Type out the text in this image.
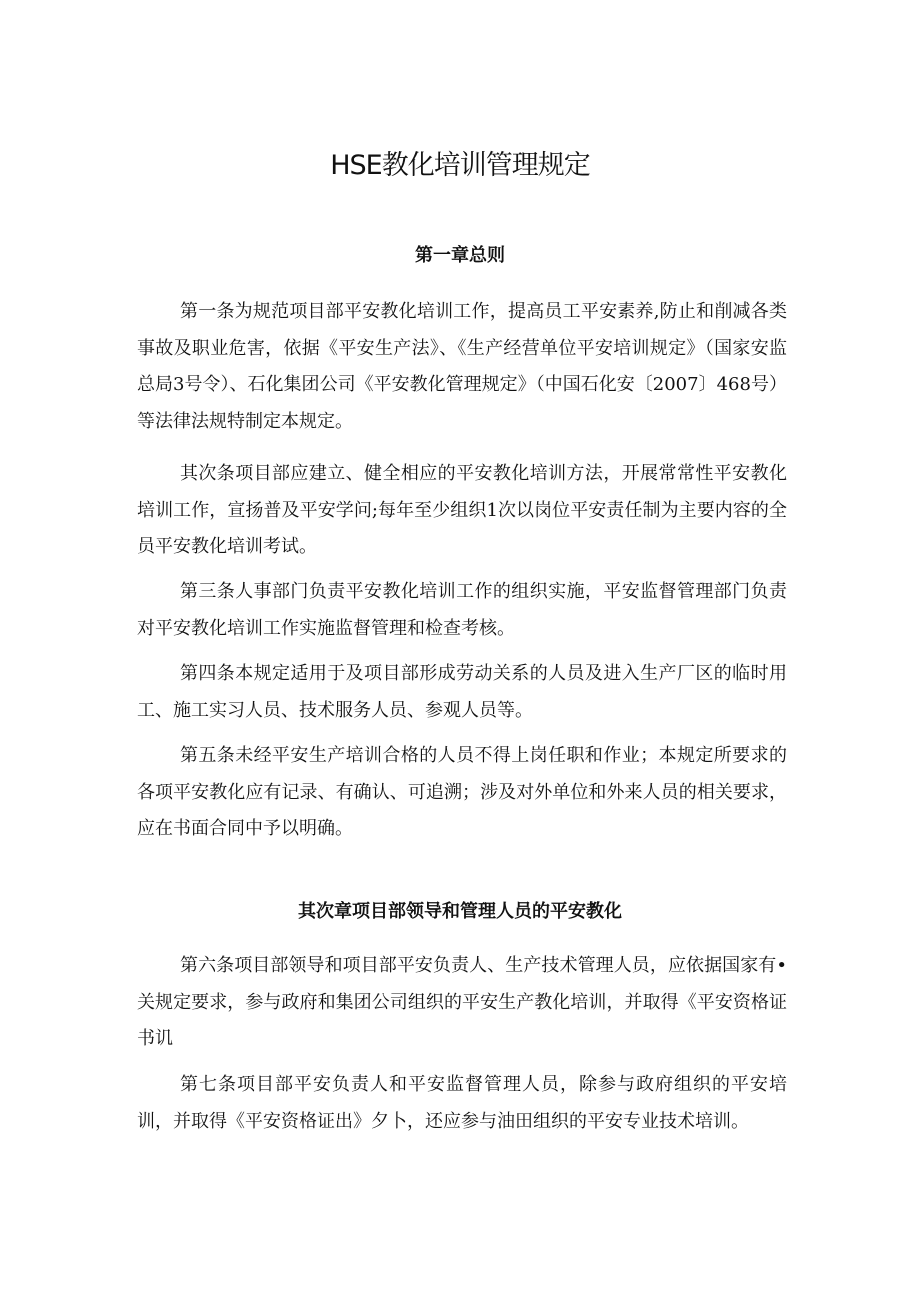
HSE教化培训管理规定
第一章总则

第一条为规范项目部平安教化培训工作，提高员工平安素养,防止和削减各类事故及职业危害，依据《平安生产法》、《生产经营单位平安培训规定》（国家安监总局3号令）、石化集团公司《平安教化管理规定》（中国石化安〔2007〕468号）等法律法规特制定本规定。

其次条项目部应建立、健全相应的平安教化培训方法，开展常常性平安教化培训工作，宣扬普及平安学问;每年至少组织1次以岗位平安责任制为主要内容的全员平安教化培训考试。

第三条人事部门负责平安教化培训工作的组织实施，平安监督管理部门负责对平安教化培训工作实施监督管理和检查考核。

第四条本规定适用于及项目部形成劳动关系的人员及进入生产厂区的临时用工、施工实习人员、技术服务人员、参观人员等。

第五条未经平安生产培训合格的人员不得上岗任职和作业；本规定所要求的各项平安教化应有记录、有确认、可追溯；涉及对外单位和外来人员的相关要求，应在书面合同中予以明确。

其次章项目部领导和管理人员的平安教化

第六条项目部领导和项目部平安负责人、生产技术管理人员，应依据国家有•关规定要求，参与政府和集团公司组织的平安生产教化培训，并取得《平安资格证书讥

第七条项目部平安负责人和平安监督管理人员，除参与政府组织的平安培训，并取得《平安资格证出》夕卜，还应参与油田组织的平安专业技术培训。
